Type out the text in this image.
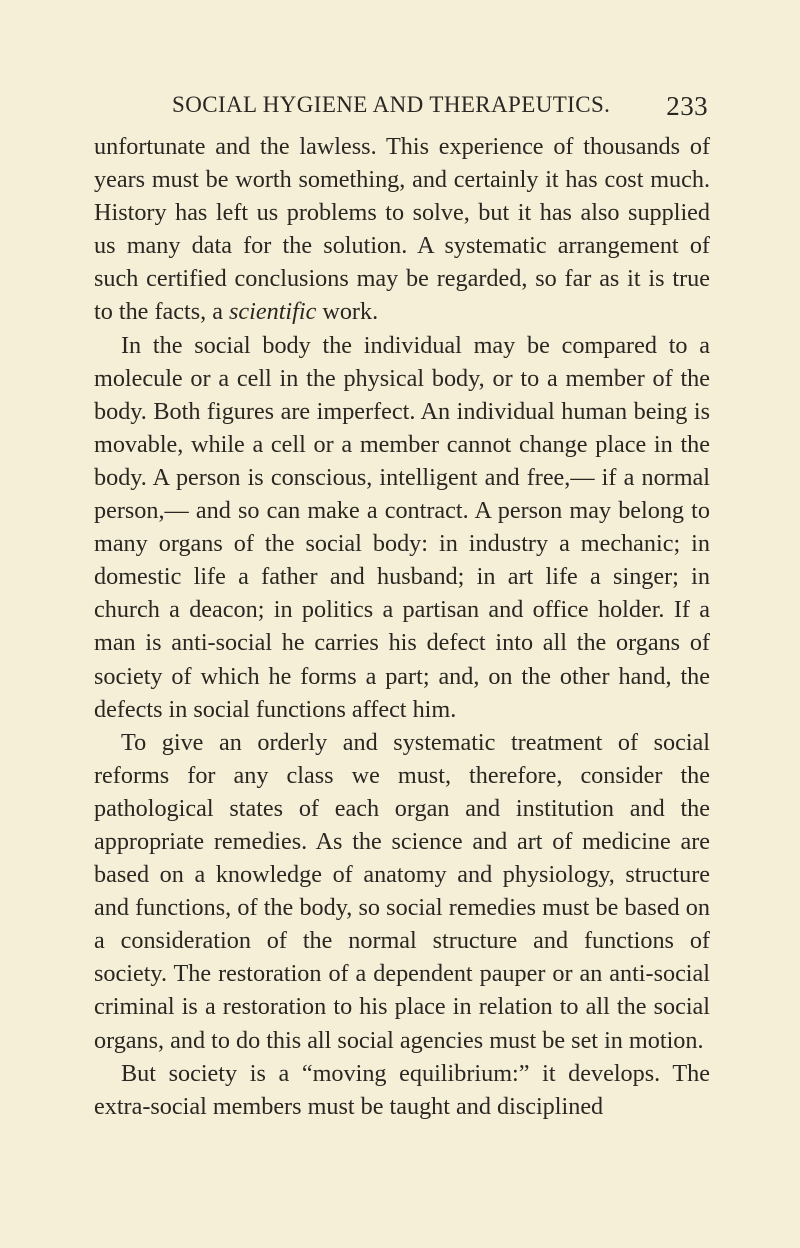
SOCIAL HYGIENE AND THERAPEUTICS. 233

unfortunate and the lawless. This experience of thousands of years must be worth something, and certainly it has cost much. History has left us problems to solve, but it has also supplied us many data for the solution. A systematic arrangement of such certified conclusions may be regarded, so far as it is true to the facts, a scientific work.

In the social body the individual may be compared to a molecule or a cell in the physical body, or to a member of the body. Both figures are imperfect. An individual human being is movable, while a cell or a member cannot change place in the body. A person is conscious, intelligent and free,— if a normal person,— and so can make a contract. A person may belong to many organs of the social body: in industry a mechanic; in domestic life a father and husband; in art life a singer; in church a deacon; in politics a partisan and office holder. If a man is anti-social he carries his defect into all the organs of society of which he forms a part; and, on the other hand, the defects in social functions affect him.

To give an orderly and systematic treatment of social reforms for any class we must, therefore, consider the pathological states of each organ and institution and the appropriate remedies. As the science and art of medicine are based on a knowledge of anatomy and physiology, structure and functions, of the body, so social remedies must be based on a consideration of the normal structure and functions of society. The restoration of a dependent pauper or an anti-social criminal is a restoration to his place in relation to all the social organs, and to do this all social agencies must be set in motion.

But society is a “moving equilibrium:” it develops. The extra-social members must be taught and disciplined
